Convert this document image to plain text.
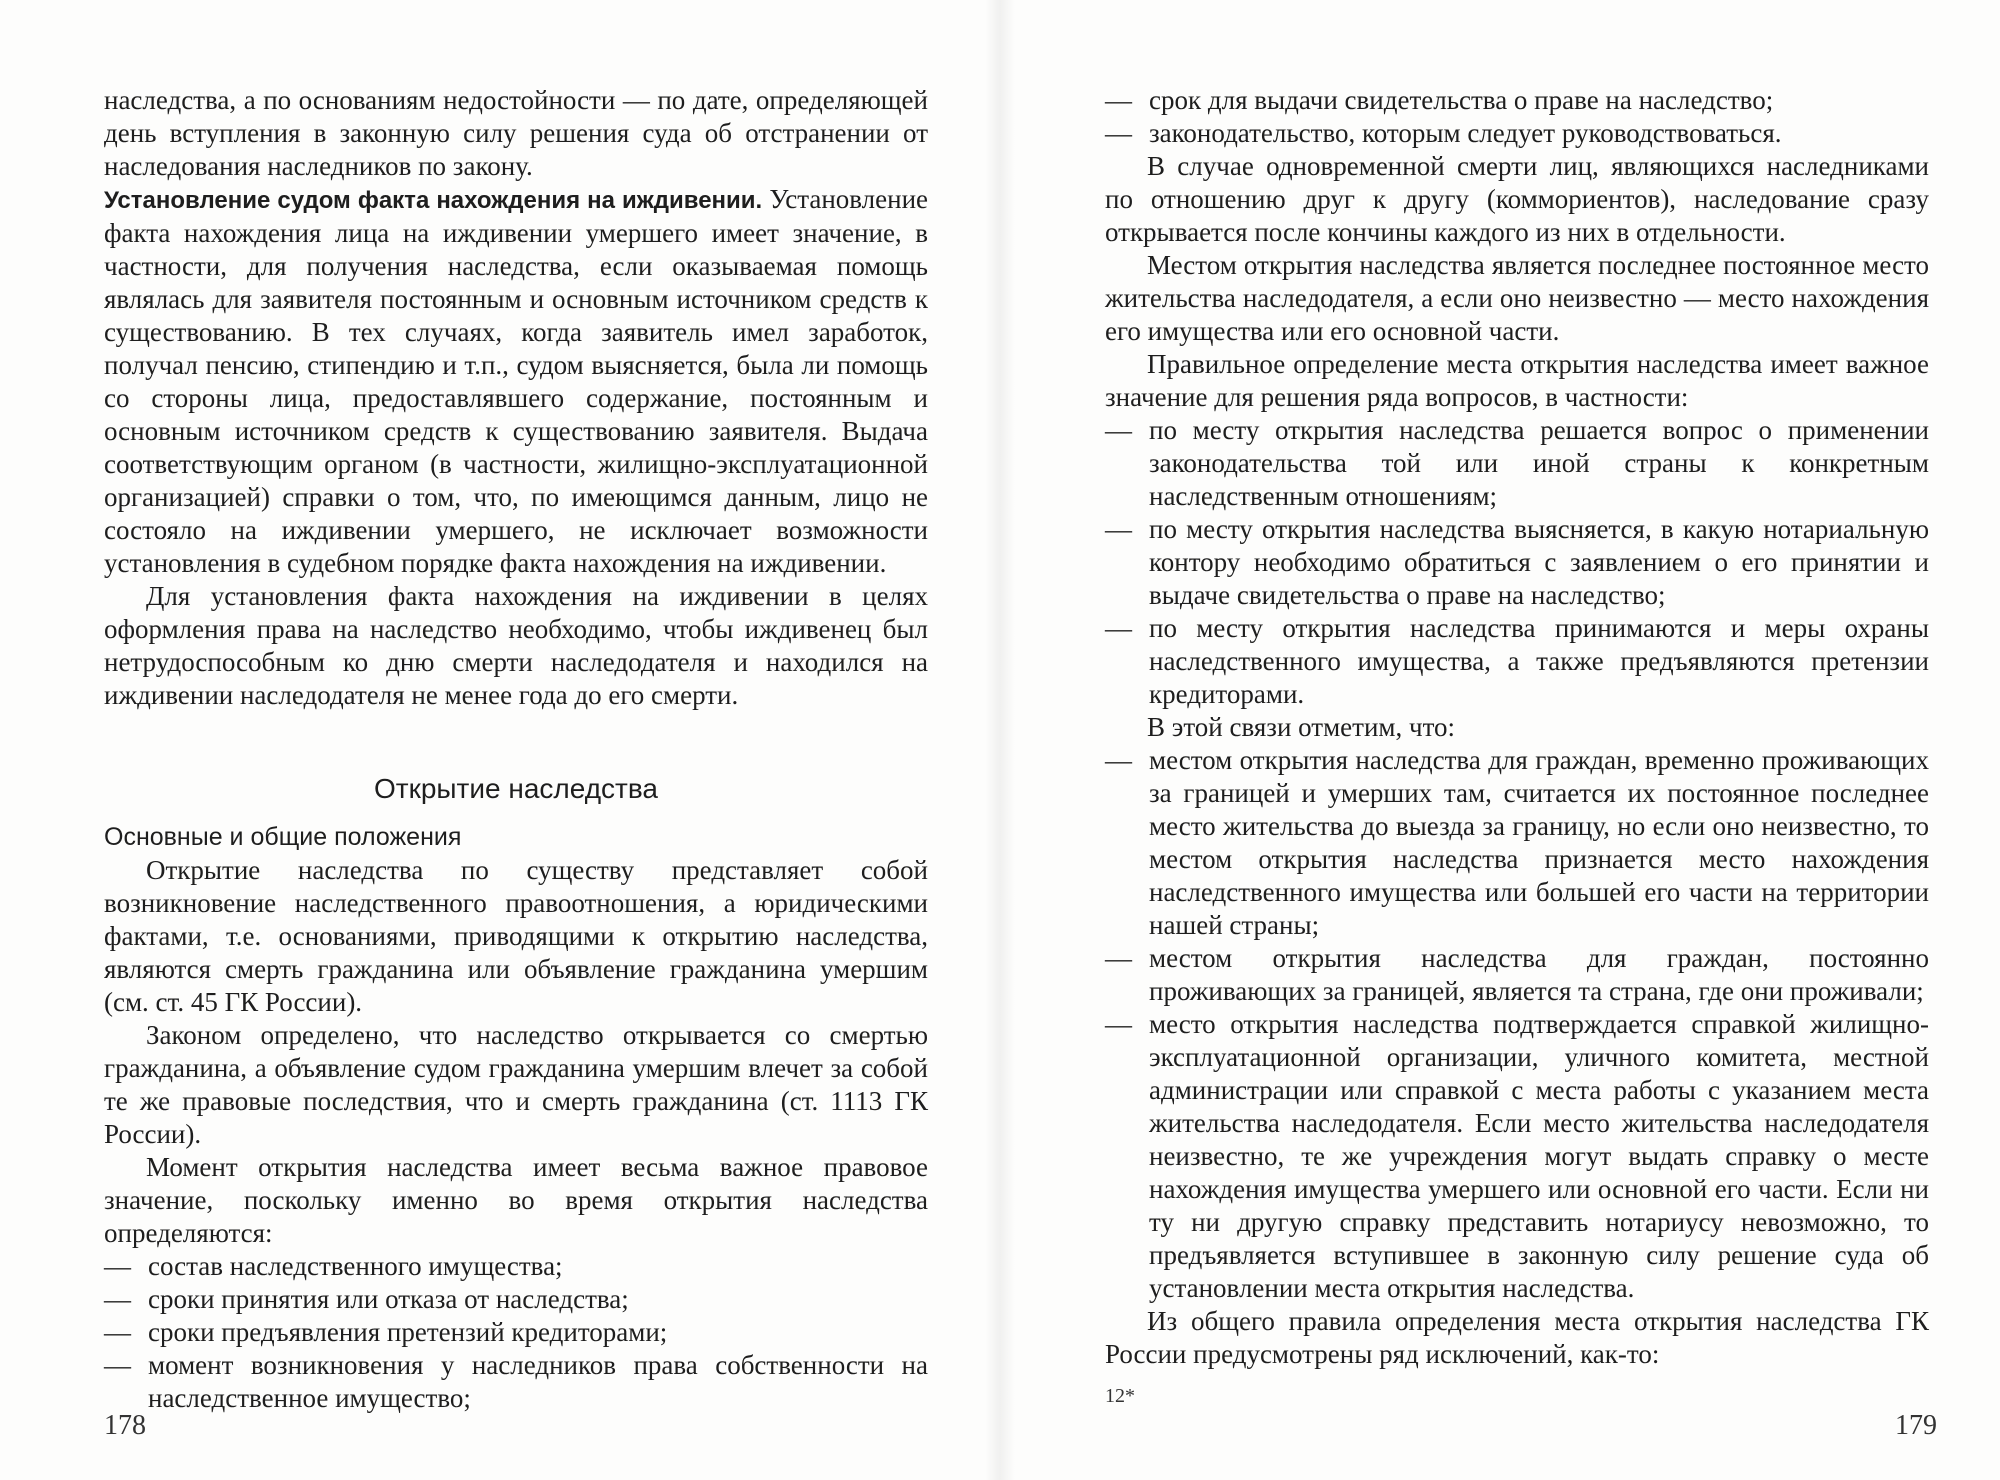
наследства, а по основаниям недостойности — по дате, определяющей день вступления в законную силу решения суда об отстранении от наследования наследников по закону.

Установление судом факта нахождения на иждивении. Установление факта нахождения лица на иждивении умершего имеет значение, в частности, для получения наследства, если оказываемая помощь являлась для заявителя постоянным и основным источником средств к существованию. В тех случаях, когда заявитель имел заработок, получал пенсию, стипендию и т.п., судом выясняется, была ли помощь со стороны лица, предоставлявшего содержание, постоянным и основным источником средств к существованию заявителя. Выдача соответствующим органом (в частности, жилищно-эксплуатационной организацией) справки о том, что, по имеющимся данным, лицо не состояло на иждивении умершего, не исключает возможности установления в судебном порядке факта нахождения на иждивении.

Для установления факта нахождения на иждивении в целях оформления права на наследство необходимо, чтобы иждивенец был нетрудоспособным ко дню смерти наследодателя и находился на иждивении наследодателя не менее года до его смерти.

Открытие наследства

Основные и общие положения

Открытие наследства по существу представляет собой возникновение наследственного правоотношения, а юридическими фактами, т.е. основаниями, приводящими к открытию наследства, являются смерть гражданина или объявление гражданина умершим (см. ст. 45 ГК России).

Законом определено, что наследство открывается со смертью гражданина, а объявление судом гражданина умершим влечет за собой те же правовые последствия, что и смерть гражданина (ст. 1113 ГК России).

Момент открытия наследства имеет весьма важное правовое значение, поскольку именно во время открытия наследства определяются:

— состав наследственного имущества;

— сроки принятия или отказа от наследства;

— сроки предъявления претензий кредиторами;

— момент возникновения у наследников права собственности на наследственное имущество;

— срок для выдачи свидетельства о праве на наследство;

— законодательство, которым следует руководствоваться.

В случае одновременной смерти лиц, являющихся наследниками по отношению друг к другу (коммориентов), наследование сразу открывается после кончины каждого из них в отдельности.

Местом открытия наследства является последнее постоянное место жительства наследодателя, а если оно неизвестно — место нахождения его имущества или его основной части.

Правильное определение места открытия наследства имеет важное значение для решения ряда вопросов, в частности:

— по месту открытия наследства решается вопрос о применении законодательства той или иной страны к конкретным наследственным отношениям;

— по месту открытия наследства выясняется, в какую нотариальную контору необходимо обратиться с заявлением о его принятии и выдаче свидетельства о праве на наследство;

— по месту открытия наследства принимаются и меры охраны наследственного имущества, а также предъявляются претензии кредиторами.

В этой связи отметим, что:

— местом открытия наследства для граждан, временно проживающих за границей и умерших там, считается их постоянное последнее место жительства до выезда за границу, но если оно неизвестно, то местом открытия наследства признается место нахождения наследственного имущества или большей его части на территории нашей страны;

— местом открытия наследства для граждан, постоянно проживающих за границей, является та страна, где они проживали;

— место открытия наследства подтверждается справкой жилищно-эксплуатационной организации, уличного комитета, местной администрации или справкой с места работы с указанием места жительства наследодателя. Если место жительства наследодателя неизвестно, те же учреждения могут выдать справку о месте нахождения имущества умершего или основной его части. Если ни ту ни другую справку представить нотариусу невозможно, то предъявляется вступившее в законную силу решение суда об установлении места открытия наследства.

Из общего правила определения места открытия наследства ГК России предусмотрены ряд исключений, как-то:

178
12*
179
